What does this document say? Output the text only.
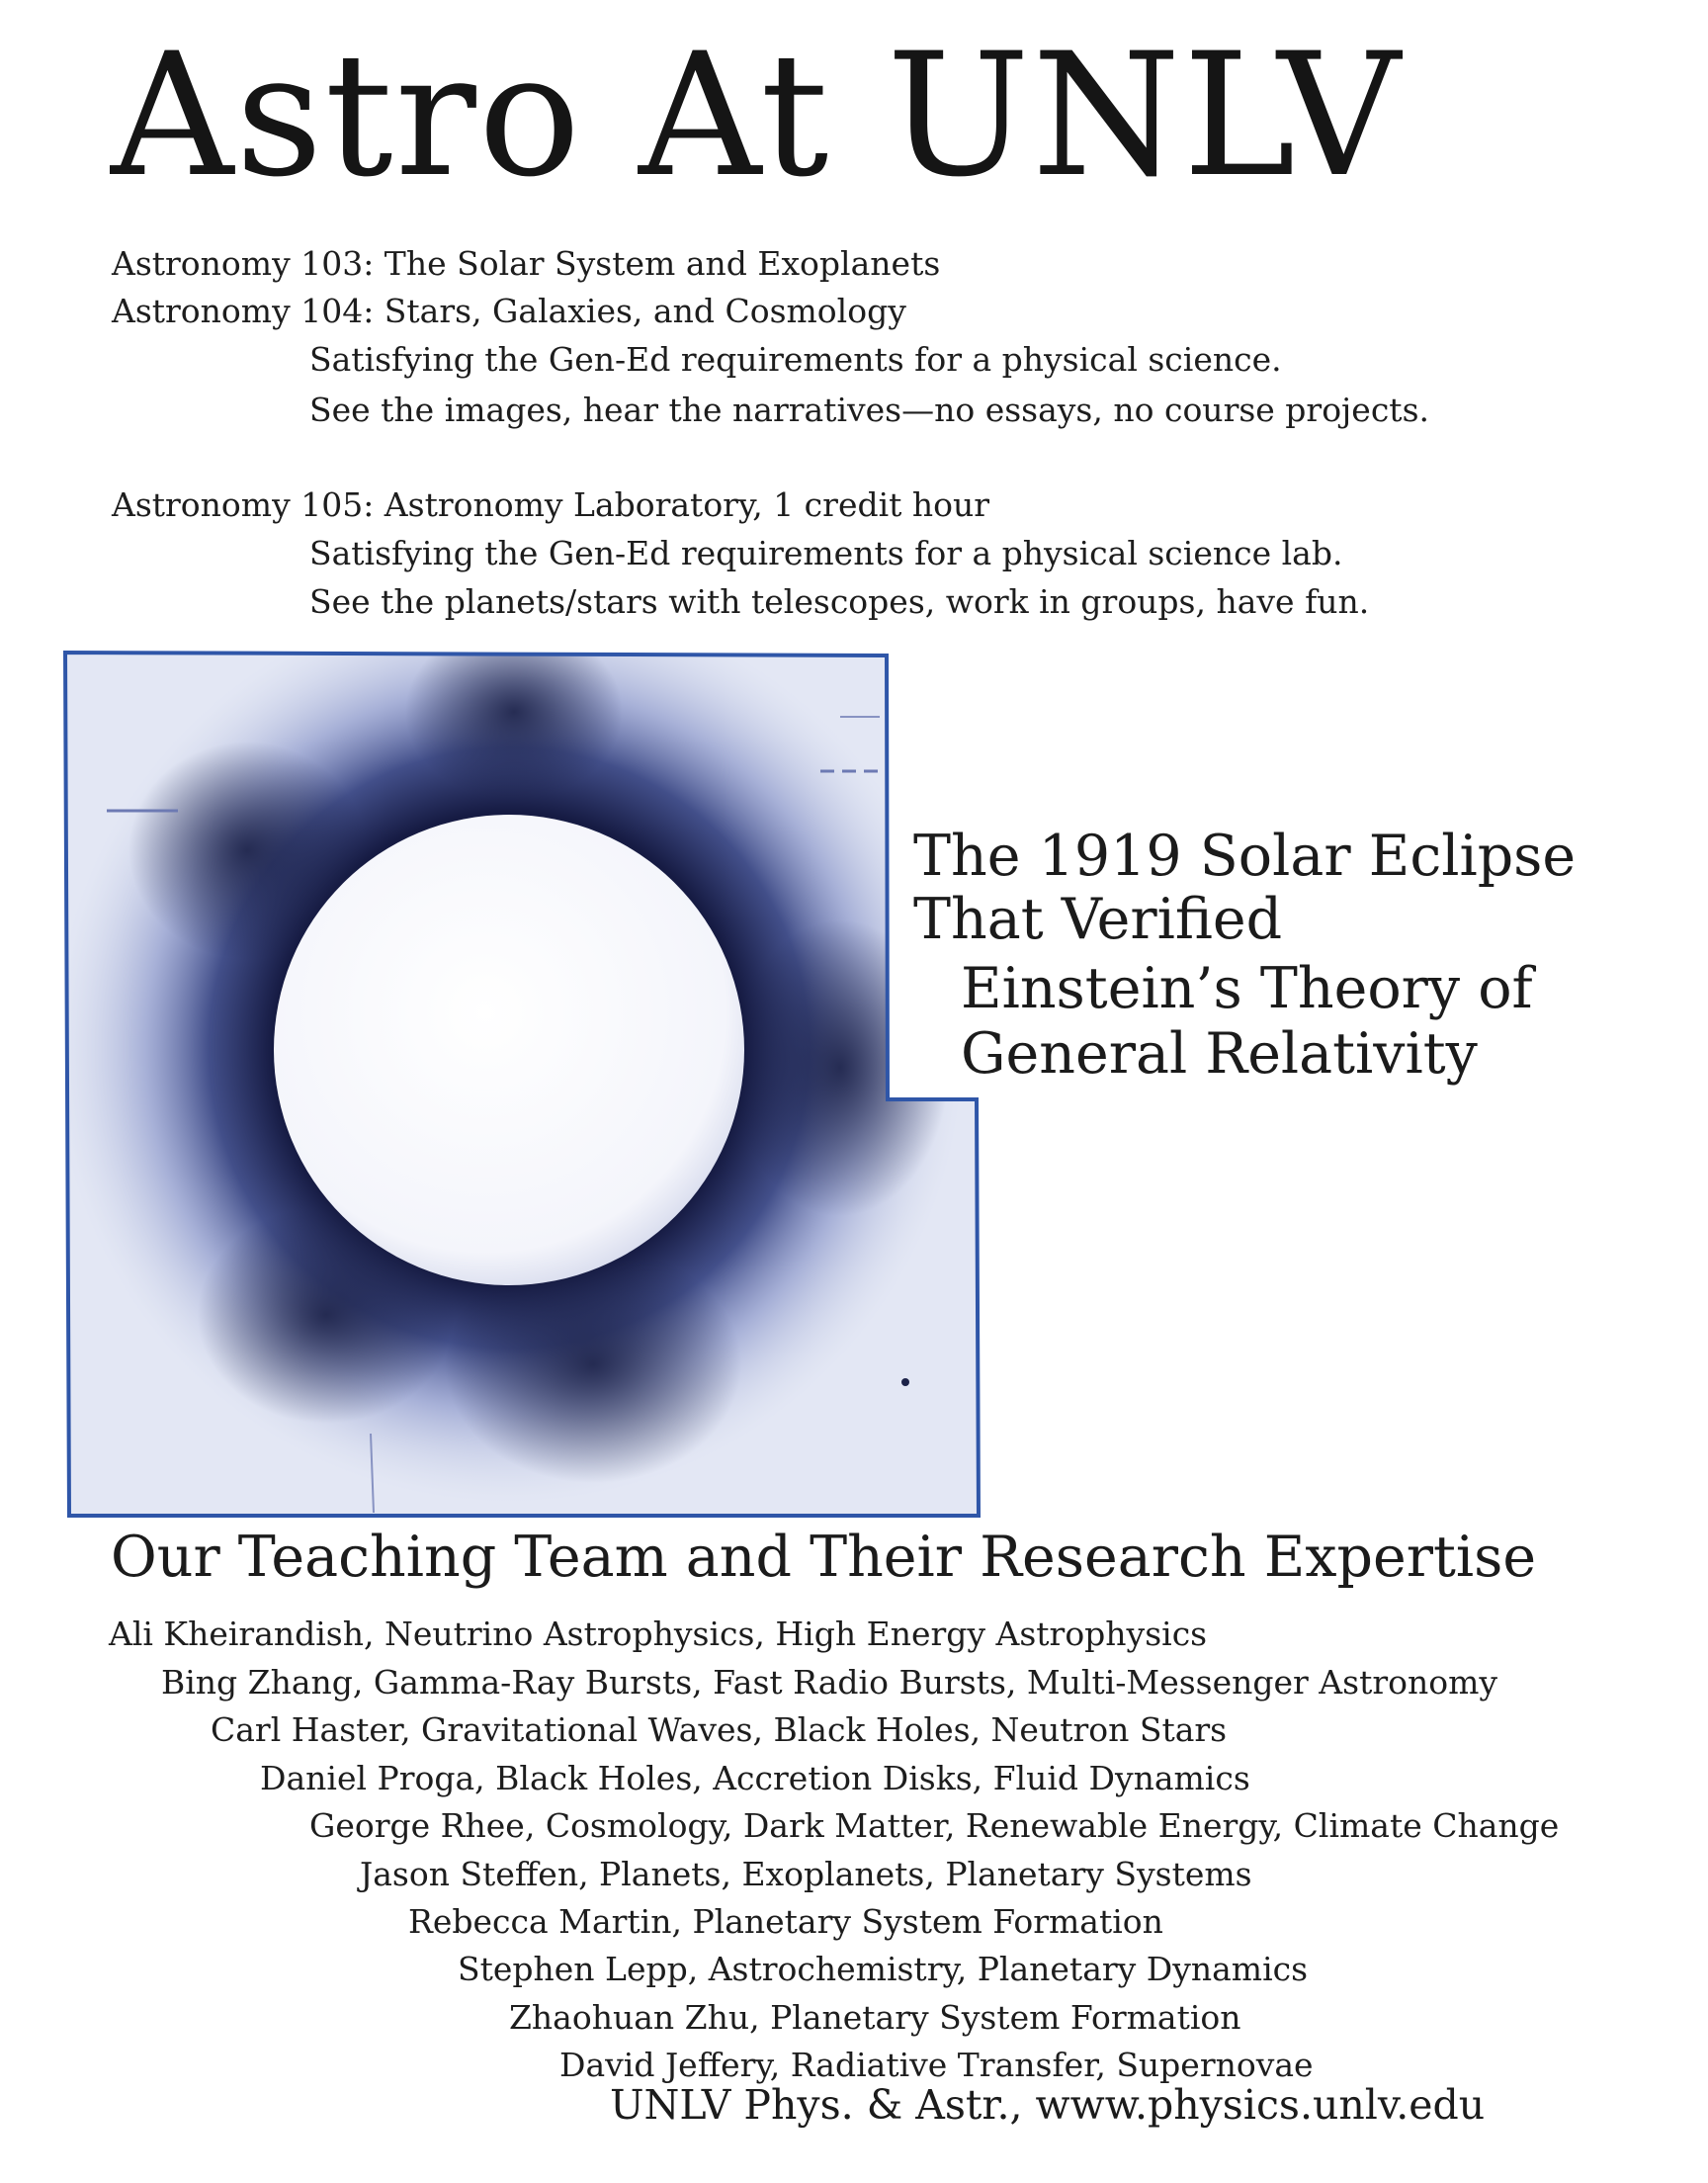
Astro At UNLV
Astronomy 103: The Solar System and Exoplanets
Astronomy 104: Stars, Galaxies, and Cosmology
Satisfying the Gen-Ed requirements for a physical science.
See the images, hear the narratives—no essays, no course projects.
Astronomy 105: Astronomy Laboratory, 1 credit hour
Satisfying the Gen-Ed requirements for a physical science lab.
See the planets/stars with telescopes, work in groups, have fun.
The 1919 Solar Eclipse
That Verified
Einstein’s Theory of
General Relativity
Our Teaching Team and Their Research Expertise
Ali Kheirandish, Neutrino Astrophysics, High Energy Astrophysics
Bing Zhang, Gamma-Ray Bursts, Fast Radio Bursts, Multi-Messenger Astronomy
Carl Haster, Gravitational Waves, Black Holes, Neutron Stars
Daniel Proga, Black Holes, Accretion Disks, Fluid Dynamics
George Rhee, Cosmology, Dark Matter, Renewable Energy, Climate Change
Jason Steffen, Planets, Exoplanets, Planetary Systems
Rebecca Martin, Planetary System Formation
Stephen Lepp, Astrochemistry, Planetary Dynamics
Zhaohuan Zhu, Planetary System Formation
David Jeffery, Radiative Transfer, Supernovae
UNLV Phys. & Astr., www.physics.unlv.edu
